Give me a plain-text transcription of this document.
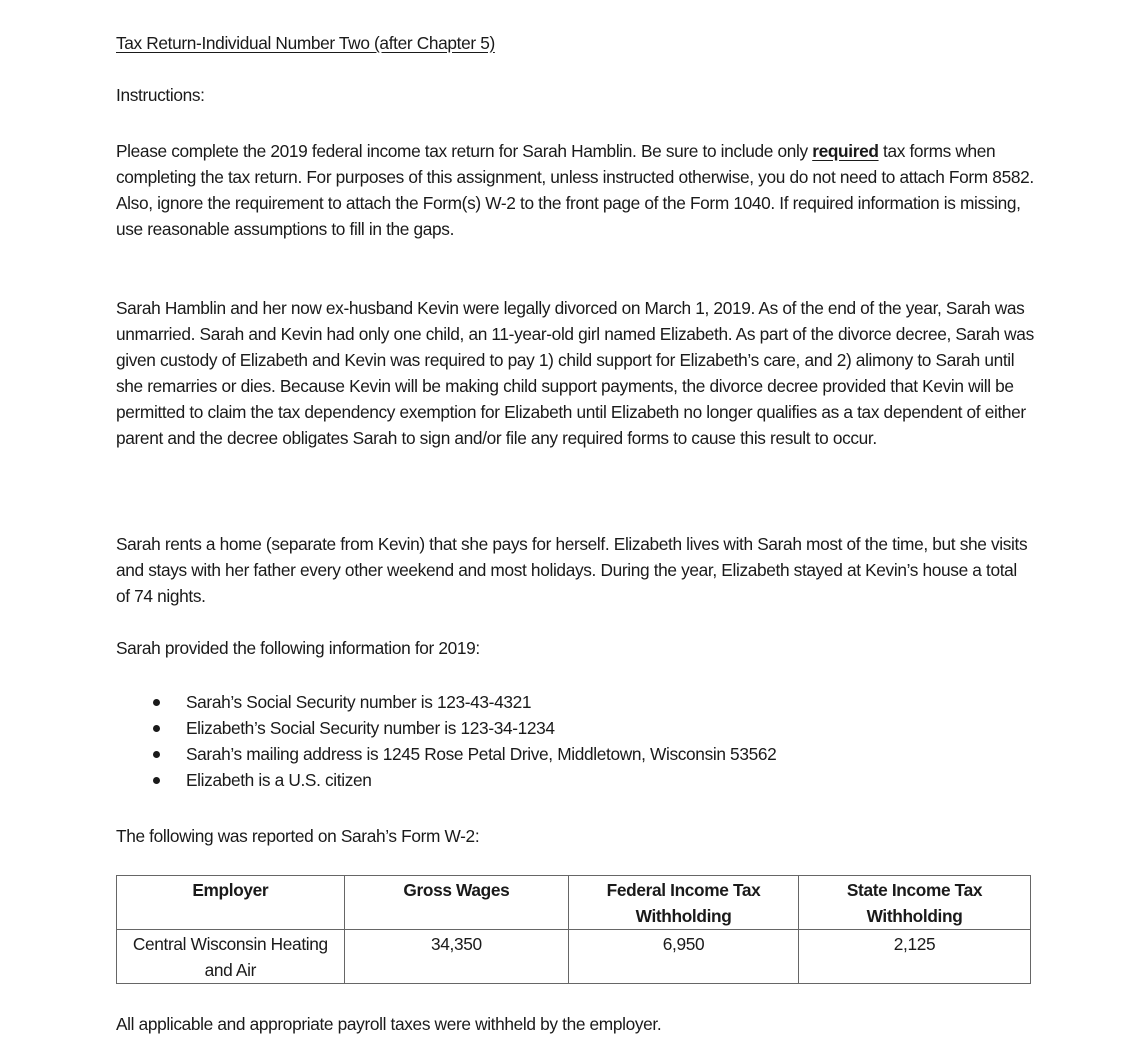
Tax Return-Individual Number Two (after Chapter 5)
Instructions:

Please complete the 2019 federal income tax return for Sarah Hamblin. Be sure to include only required tax forms when completing the tax return. For purposes of this assignment, unless instructed otherwise, you do not need to attach Form 8582. Also, ignore the requirement to attach the Form(s) W-2 to the front page of the Form 1040. If required information is missing, use reasonable assumptions to fill in the gaps.

Sarah Hamblin and her now ex-husband Kevin were legally divorced on March 1, 2019. As of the end of the year, Sarah was unmarried. Sarah and Kevin had only one child, an 11-year-old girl named Elizabeth. As part of the divorce decree, Sarah was given custody of Elizabeth and Kevin was required to pay 1) child support for Elizabeth’s care, and 2) alimony to Sarah until she remarries or dies. Because Kevin will be making child support payments, the divorce decree provided that Kevin will be permitted to claim the tax dependency exemption for Elizabeth until Elizabeth no longer qualifies as a tax dependent of either parent and the decree obligates Sarah to sign and/or file any required forms to cause this result to occur.

Sarah rents a home (separate from Kevin) that she pays for herself. Elizabeth lives with Sarah most of the time, but she visits and stays with her father every other weekend and most holidays. During the year, Elizabeth stayed at Kevin’s house a total of 74 nights.

Sarah provided the following information for 2019:

Sarah’s Social Security number is 123-43-4321
Elizabeth’s Social Security number is 123-34-1234
Sarah’s mailing address is 1245 Rose Petal Drive, Middletown, Wisconsin 53562
Elizabeth is a U.S. citizen

The following was reported on Sarah’s Form W-2:

Employer	Gross Wages	Federal Income Tax Withholding	State Income Tax Withholding
Central Wisconsin Heating and Air	34,350	6,950	2,125

All applicable and appropriate payroll taxes were withheld by the employer.
